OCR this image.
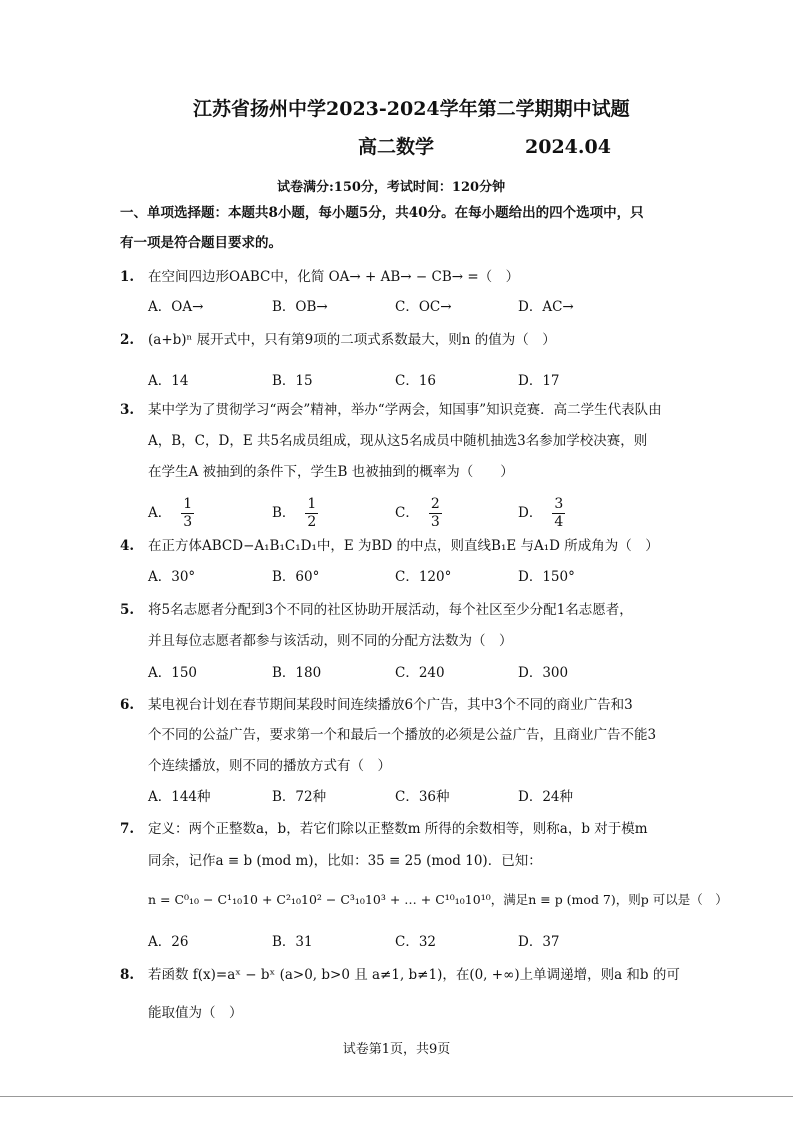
江苏省扬州中学2023-2024学年第二学期期中试题
高二数学	2024.04
试卷满分:150分，考试时间：120分钟
一、单项选择题：本题共8小题，每小题5分，共40分。在每小题给出的四个选项中，只
有一项是符合题目要求的。
1. 在空间四边形OABC中，化简 OA→ + AB→ − CB→ =（　）
A．OA→	B．OB→	C．OC→	D．AC→
2. (a+b)ⁿ 展开式中，只有第9项的二项式系数最大，则n 的值为（　）
A．14	B．15	C．16	D．17
3. 某中学为了贯彻学习“两会”精神，举办“学两会，知国事”知识竞赛．高二学生代表队由
A，B，C，D，E 共5名成员组成，现从这5名成员中随机抽选3名参加学校决赛，则
在学生A 被抽到的条件下，学生B 也被抽到的概率为（　　）
A． $\frac{1}{3}$	B． $\frac{1}{2}$	C． $\frac{2}{3}$	D． $\frac{3}{4}$
4. 在正方体ABCD−A₁B₁C₁D₁中，E 为BD 的中点，则直线B₁E 与A₁D 所成角为（　）
A．30°	B．60°	C．120°	D．150°
5. 将5名志愿者分配到3个不同的社区协助开展活动，每个社区至少分配1名志愿者，
并且每位志愿者都参与该活动，则不同的分配方法数为（　）
A．150	B．180	C．240	D．300
6. 某电视台计划在春节期间某段时间连续播放6个广告，其中3个不同的商业广告和3
个不同的公益广告，要求第一个和最后一个播放的必须是公益广告，且商业广告不能3
个连续播放，则不同的播放方式有（　）
A．144种	B．72种	C．36种	D．24种
7. 定义：两个正整数a，b，若它们除以正整数m 所得的余数相等，则称a，b 对于模m
同余，记作a ≡ b (mod m)，比如：35 ≡ 25 (mod 10)．已知：
n = C⁰₁₀ − C¹₁₀10 + C²₁₀10² − C³₁₀10³ + … + C¹⁰₁₀10¹⁰，满足n ≡ p (mod 7)，则p 可以是（　）
A．26	B．31	C．32	D．37
8. 若函数 f(x)=aˣ − bˣ (a>0, b>0 且 a≠1, b≠1)，在(0, +∞)上单调递增，则a 和b 的可
能取值为（　）
试卷第1页，共9页
